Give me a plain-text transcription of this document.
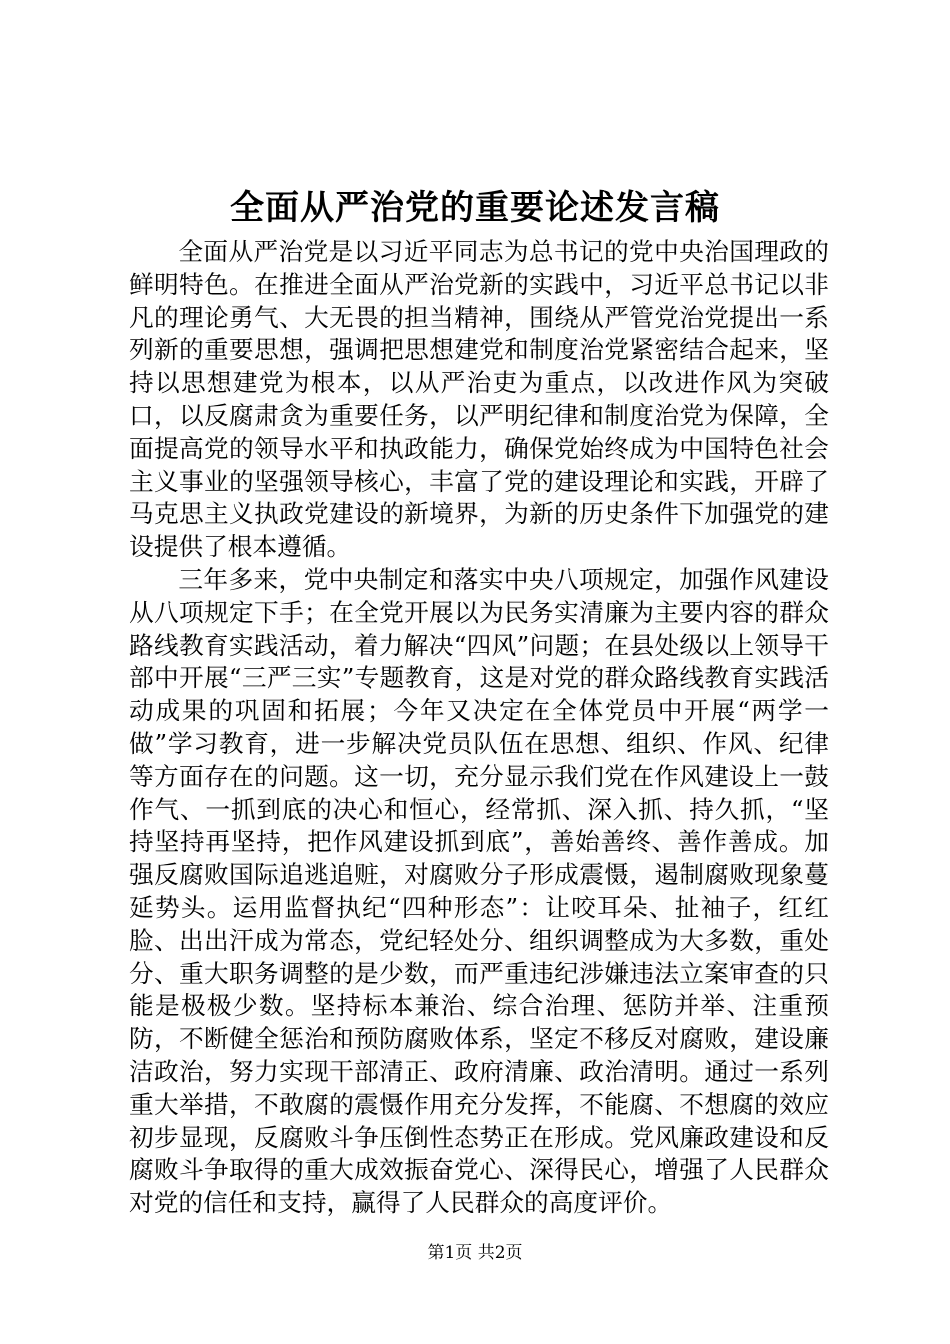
全面从严治党的重要论述发言稿

全面从严治党是以习近平同志为总书记的党中央治国理政的鲜明特色。在推进全面从严治党新的实践中，习近平总书记以非凡的理论勇气、大无畏的担当精神，围绕从严管党治党提出一系列新的重要思想，强调把思想建党和制度治党紧密结合起来，坚持以思想建党为根本，以从严治吏为重点，以改进作风为突破口，以反腐肃贪为重要任务，以严明纪律和制度治党为保障，全面提高党的领导水平和执政能力，确保党始终成为中国特色社会主义事业的坚强领导核心，丰富了党的建设理论和实践，开辟了马克思主义执政党建设的新境界，为新的历史条件下加强党的建设提供了根本遵循。

三年多来，党中央制定和落实中央八项规定，加强作风建设从八项规定下手；在全党开展以为民务实清廉为主要内容的群众路线教育实践活动，着力解决“四风”问题；在县处级以上领导干部中开展“三严三实”专题教育，这是对党的群众路线教育实践活动成果的巩固和拓展；今年又决定在全体党员中开展“两学一做”学习教育，进一步解决党员队伍在思想、组织、作风、纪律等方面存在的问题。这一切，充分显示我们党在作风建设上一鼓作气、一抓到底的决心和恒心，经常抓、深入抓、持久抓，“坚持坚持再坚持，把作风建设抓到底”，善始善终、善作善成。加强反腐败国际追逃追赃，对腐败分子形成震慑，遏制腐败现象蔓延势头。运用监督执纪“四种形态”：让咬耳朵、扯袖子，红红脸、出出汗成为常态，党纪轻处分、组织调整成为大多数，重处分、重大职务调整的是少数，而严重违纪涉嫌违法立案审查的只能是极极少数。坚持标本兼治、综合治理、惩防并举、注重预防，不断健全惩治和预防腐败体系，坚定不移反对腐败，建设廉洁政治，努力实现干部清正、政府清廉、政治清明。通过一系列重大举措，不敢腐的震慑作用充分发挥，不能腐、不想腐的效应初步显现，反腐败斗争压倒性态势正在形成。党风廉政建设和反腐败斗争取得的重大成效振奋党心、深得民心，增强了人民群众对党的信任和支持，赢得了人民群众的高度评价。

第1页 共2页
